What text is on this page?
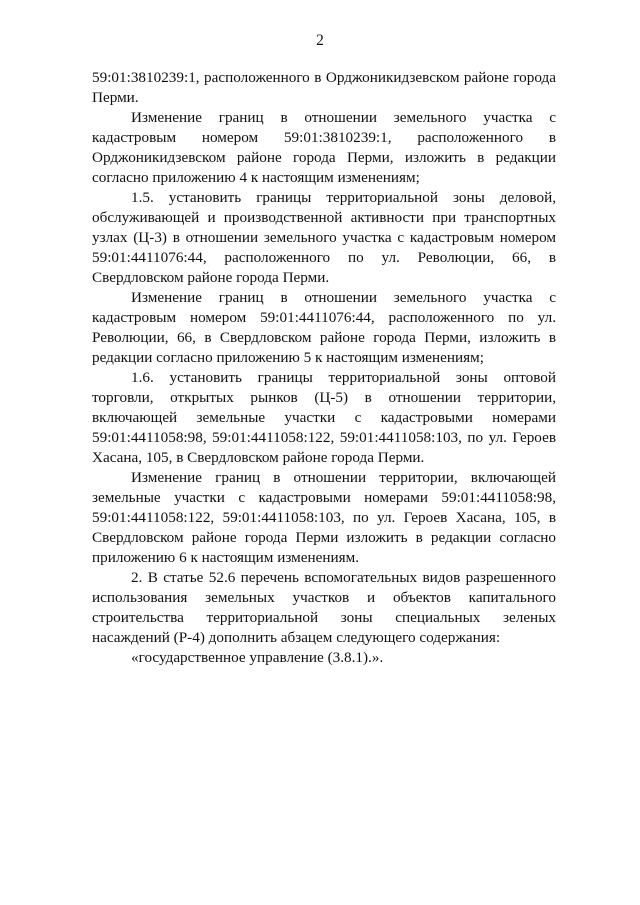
2

59:01:3810239:1, расположенного в Орджоникидзевском районе города Перми.

Изменение границ в отношении земельного участка с кадастровым номером 59:01:3810239:1, расположенного в Орджоникидзевском районе города Перми, изложить в редакции согласно приложению 4 к настоящим изменениям;

1.5. установить границы территориальной зоны деловой, обслуживающей и производственной активности при транспортных узлах (Ц-3) в отношении земельного участка с кадастровым номером 59:01:4411076:44, расположенного по ул. Революции, 66, в Свердловском районе города Перми.

Изменение границ в отношении земельного участка с кадастровым номером 59:01:4411076:44, расположенного по ул. Революции, 66, в Свердловском районе города Перми, изложить в редакции согласно приложению 5 к настоящим изменениям;

1.6. установить границы территориальной зоны оптовой торговли, открытых рынков (Ц-5) в отношении территории, включающей земельные участки с кадастровыми номерами 59:01:4411058:98, 59:01:4411058:122, 59:01:4411058:103, по ул. Героев Хасана, 105, в Свердловском районе города Перми.

Изменение границ в отношении территории, включающей земельные участки с кадастровыми номерами 59:01:4411058:98, 59:01:4411058:122, 59:01:4411058:103, по ул. Героев Хасана, 105, в Свердловском районе города Перми изложить в редакции согласно приложению 6 к настоящим изменениям.

2. В статье 52.6 перечень вспомогательных видов разрешенного использования земельных участков и объектов капитального строительства территориальной зоны специальных зеленых насаждений (Р-4) дополнить абзацем следующего содержания:

«государственное управление (3.8.1).».
